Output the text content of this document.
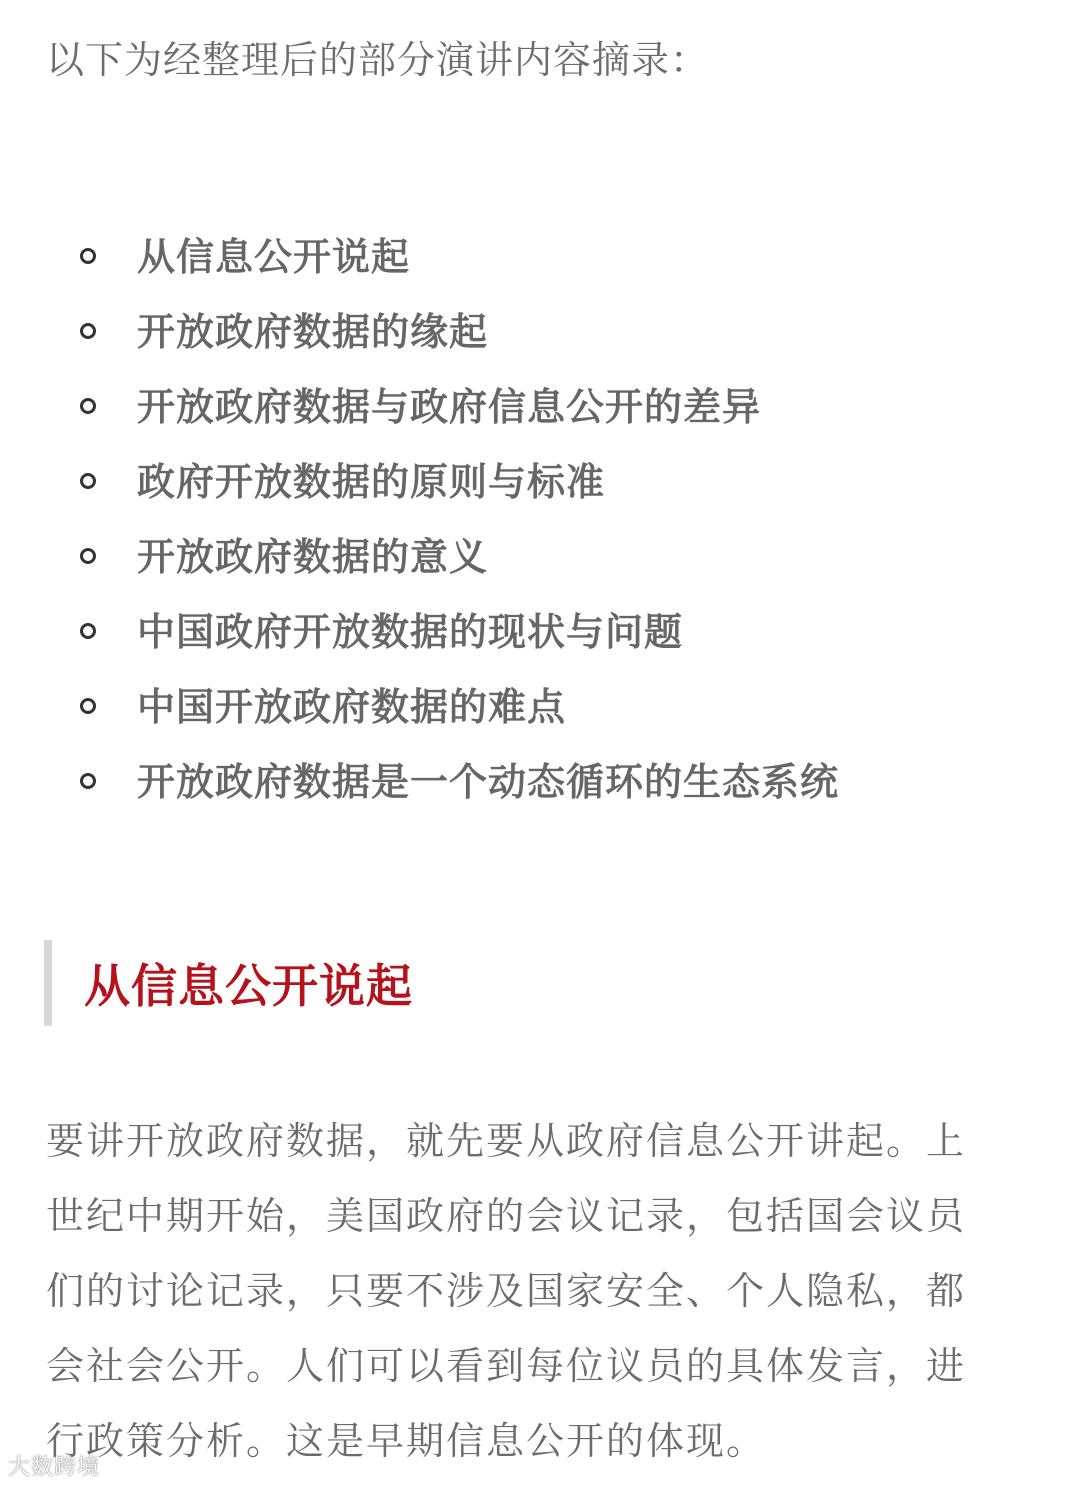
以下为经整理后的部分演讲内容摘录：

从信息公开说起
开放政府数据的缘起
开放政府数据与政府信息公开的差异
政府开放数据的原则与标准
开放政府数据的意义
中国政府开放数据的现状与问题
中国开放政府数据的难点
开放政府数据是一个动态循环的生态系统
从信息公开说起
要讲开放政府数据，就先要从政府信息公开讲起。上
世纪中期开始，美国政府的会议记录，包括国会议员
们的讨论记录，只要不涉及国家安全、个人隐私，都
会社会公开。人们可以看到每位议员的具体发言，进
行政策分析。这是早期信息公开的体现。
大数跨境
